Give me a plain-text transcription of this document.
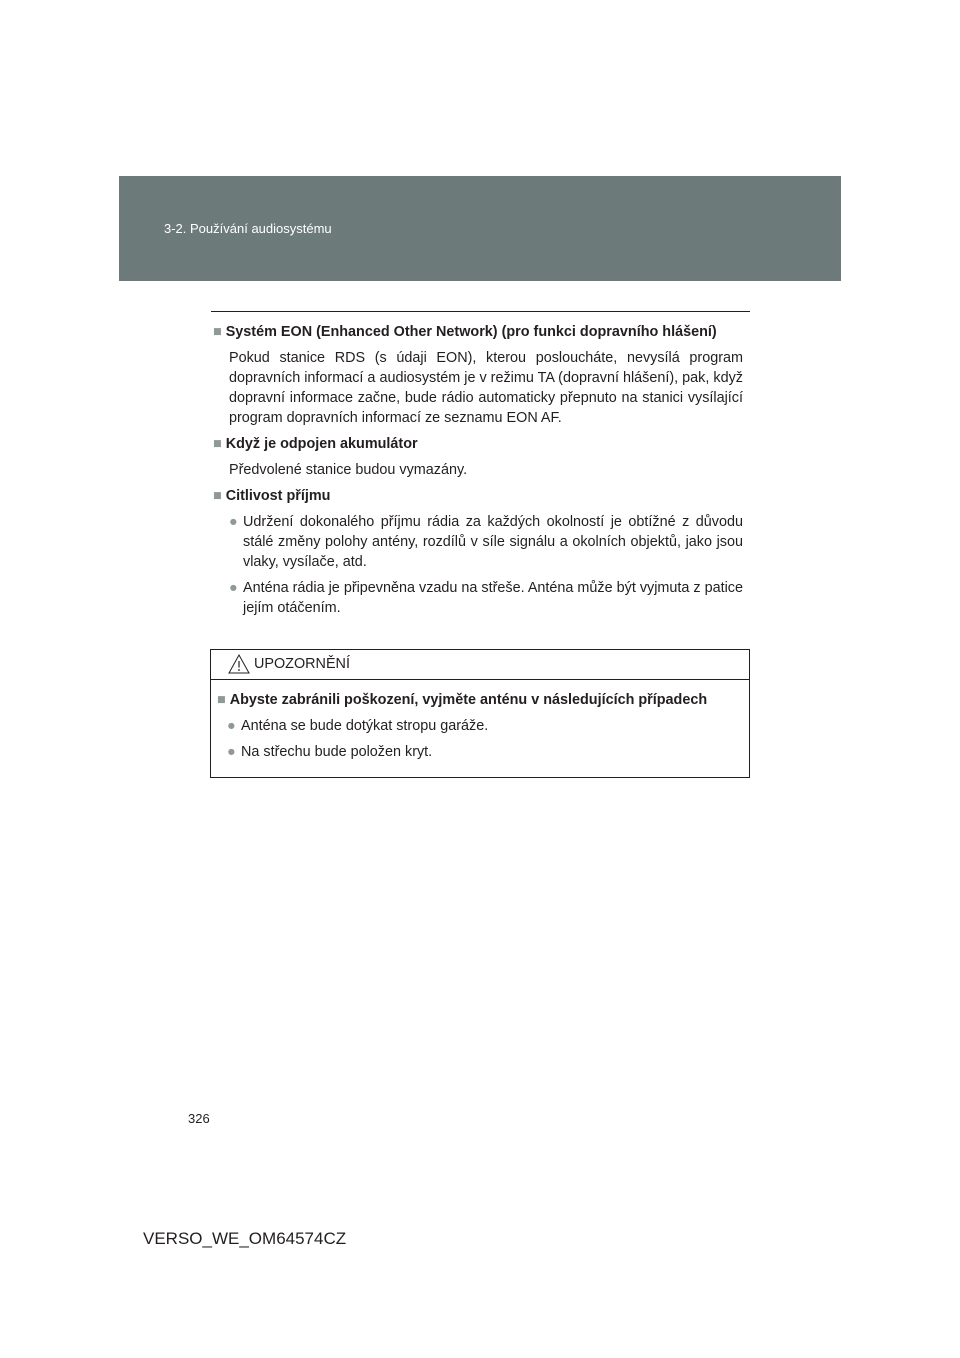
3-2. Používání audiosystému
■ Systém EON (Enhanced Other Network) (pro funkci dopravního hlášení)
Pokud stanice RDS (s údaji EON), kterou posloucháte, nevysílá program dopravních informací a audiosystém je v režimu TA (dopravní hlášení), pak, když dopravní informace začne, bude rádio automaticky přepnuto na stanici vysílající program dopravních informací ze seznamu EON AF.
■ Když je odpojen akumulátor
Předvolené stanice budou vymazány.
■ Citlivost příjmu
● Udržení dokonalého příjmu rádia za každých okolností je obtížné z důvodu stálé změny polohy antény, rozdílů v síle signálu a okolních objektů, jako jsou vlaky, vysílače, atd.
● Anténa rádia je připevněna vzadu na střeše. Anténa může být vyjmuta z patice jejím otáčením.
UPOZORNĚNÍ
■ Abyste zabránili poškození, vyjměte anténu v následujících případech
● Anténa se bude dotýkat stropu garáže.
● Na střechu bude položen kryt.
326
VERSO_WE_OM64574CZ
